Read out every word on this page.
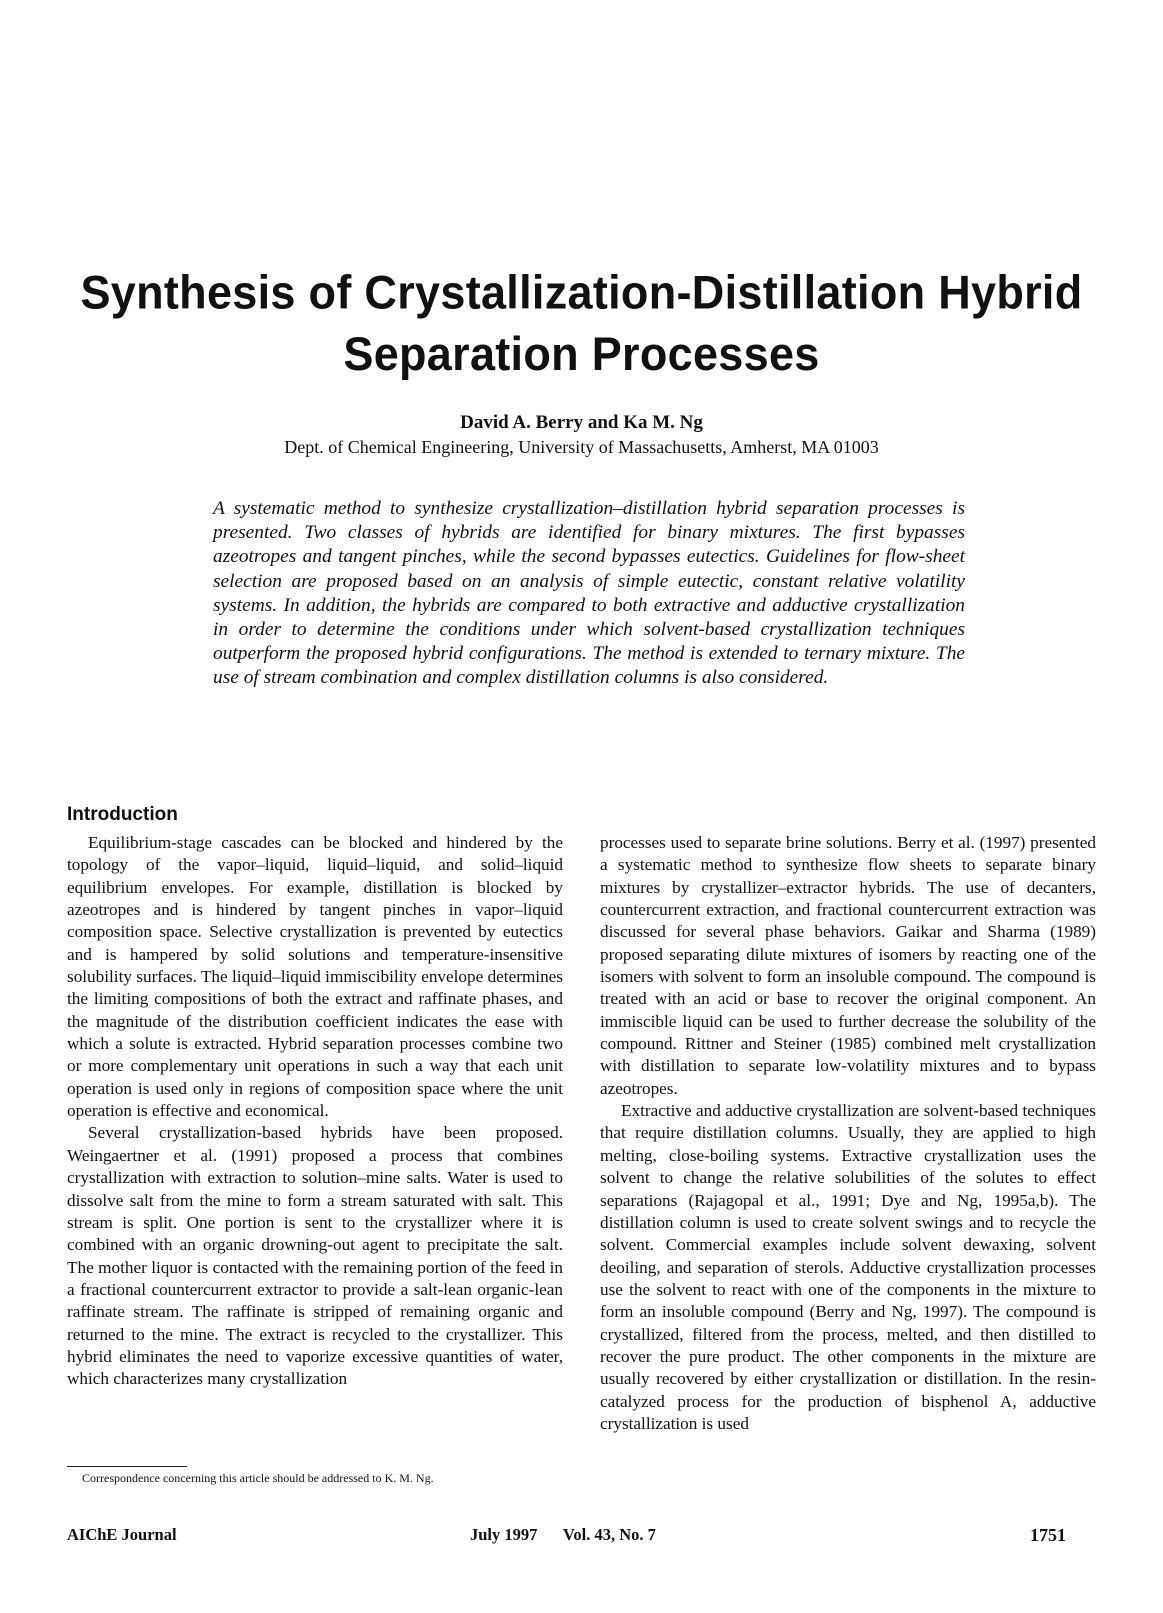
Synthesis of Crystallization-Distillation Hybrid
Separation Processes
David A. Berry and Ka M. Ng
Dept. of Chemical Engineering, University of Massachusetts, Amherst, MA 01003

A systematic method to synthesize crystallization–distillation hybrid separation processes is presented. Two classes of hybrids are identified for binary mixtures. The first bypasses azeotropes and tangent pinches, while the second bypasses eutectics. Guidelines for flow-sheet selection are proposed based on an analysis of simple eutectic, constant relative volatility systems. In addition, the hybrids are compared to both extractive and adductive crystallization in order to determine the conditions under which solvent-based crystallization techniques outperform the proposed hybrid configurations. The method is extended to ternary mixture. The use of stream combination and complex distillation columns is also considered.

Introduction

Equilibrium-stage cascades can be blocked and hindered by the topology of the vapor–liquid, liquid–liquid, and solid–liquid equilibrium envelopes. For example, distillation is blocked by azeotropes and is hindered by tangent pinches in vapor–liquid composition space. Selective crystallization is prevented by eutectics and is hampered by solid solutions and temperature-insensitive solubility surfaces. The liquid–liquid immiscibility envelope determines the limiting compositions of both the extract and raffinate phases, and the magnitude of the distribution coefficient indicates the ease with which a solute is extracted. Hybrid separation processes combine two or more complementary unit operations in such a way that each unit operation is used only in regions of composition space where the unit operation is effective and economical.

Several crystallization-based hybrids have been proposed. Weingaertner et al. (1991) proposed a process that combines crystallization with extraction to solution–mine salts. Water is used to dissolve salt from the mine to form a stream saturated with salt. This stream is split. One portion is sent to the crystallizer where it is combined with an organic drowning-out agent to precipitate the salt. The mother liquor is contacted with the remaining portion of the feed in a fractional countercurrent extractor to provide a salt-lean organic-lean raffinate stream. The raffinate is stripped of remaining organic and returned to the mine. The extract is recycled to the crystallizer. This hybrid eliminates the need to vaporize excessive quantities of water, which characterizes many crystallization

processes used to separate brine solutions. Berry et al. (1997) presented a systematic method to synthesize flow sheets to separate binary mixtures by crystallizer–extractor hybrids. The use of decanters, countercurrent extraction, and fractional countercurrent extraction was discussed for several phase behaviors. Gaikar and Sharma (1989) proposed separating dilute mixtures of isomers by reacting one of the isomers with solvent to form an insoluble compound. The compound is treated with an acid or base to recover the original component. An immiscible liquid can be used to further decrease the solubility of the compound. Rittner and Steiner (1985) combined melt crystallization with distillation to separate low-volatility mixtures and to bypass azeotropes.

Extractive and adductive crystallization are solvent-based techniques that require distillation columns. Usually, they are applied to high melting, close-boiling systems. Extractive crystallization uses the solvent to change the relative solubilities of the solutes to effect separations (Rajagopal et al., 1991; Dye and Ng, 1995a,b). The distillation column is used to create solvent swings and to recycle the solvent. Commercial examples include solvent dewaxing, solvent deoiling, and separation of sterols. Adductive crystallization processes use the solvent to react with one of the components in the mixture to form an insoluble compound (Berry and Ng, 1997). The compound is crystallized, filtered from the process, melted, and then distilled to recover the pure product. The other components in the mixture are usually recovered by either crystallization or distillation. In the resin-catalyzed process for the production of bisphenol A, adductive crystallization is used

Correspondence concerning this article should be addressed to K. M. Ng.
AIChE Journal	July 1997 Vol. 43, No. 7	1751
